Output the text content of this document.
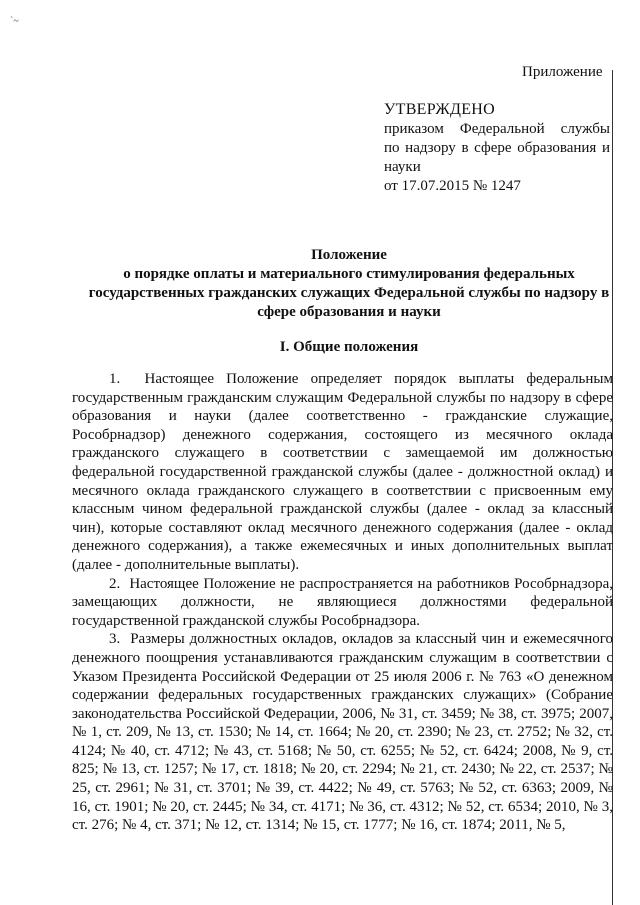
`~
Приложение
УТВЕРЖДЕНО
приказом Федеральной службы
по надзору в сфере образования и
науки
от 17.07.2015 № 1247
Положение
о порядке оплаты и материального стимулирования федеральных государственных гражданских служащих Федеральной службы по надзору в сфере образования и науки
I. Общие положения

1.  Настоящее Положение определяет порядок выплаты федеральным государственным гражданским служащим Федеральной службы по надзору в сфере образования и науки (далее соответственно - гражданские служащие, Рособрнадзор) денежного содержания, состоящего из месячного оклада гражданского служащего в соответствии с замещаемой им должностью федеральной государственной гражданской службы (далее - должностной оклад) и месячного оклада гражданского служащего в соответствии с присвоенным ему классным чином федеральной гражданской службы (далее - оклад за классный чин), которые составляют оклад месячного денежного содержания (далее - оклад денежного содержания), а также ежемесячных и иных дополнительных выплат (далее - дополнительные выплаты).

2.  Настоящее Положение не распространяется на работников Рособрнадзора, замещающих должности, не являющиеся должностями федеральной государственной гражданской службы Рособрнадзора.

3.  Размеры должностных окладов, окладов за классный чин и ежемесячного денежного поощрения устанавливаются гражданским служащим в соответствии с Указом Президента Российской Федерации от 25 июля 2006 г. № 763 «О денежном содержании федеральных государственных гражданских служащих» (Собрание законодательства Российской Федерации, 2006, № 31, ст. 3459; № 38, ст. 3975; 2007, № 1, ст. 209, № 13, ст. 1530; № 14, ст. 1664; № 20, ст. 2390; № 23, ст. 2752; № 32, ст. 4124; № 40, ст. 4712; № 43, ст. 5168; № 50, ст. 6255; № 52, ст. 6424; 2008, № 9, ст. 825; № 13, ст. 1257; № 17, ст. 1818; № 20, ст. 2294; № 21, ст. 2430; № 22, ст. 2537; № 25, ст. 2961; № 31, ст. 3701; № 39, ст. 4422; № 49, ст. 5763; № 52, ст. 6363; 2009, № 16, ст. 1901; № 20, ст. 2445; № 34, ст. 4171; № 36, ст. 4312; № 52, ст. 6534; 2010, № 3, ст. 276; № 4, ст. 371; № 12, ст. 1314; № 15, ст. 1777; № 16, ст. 1874; 2011, № 5,
